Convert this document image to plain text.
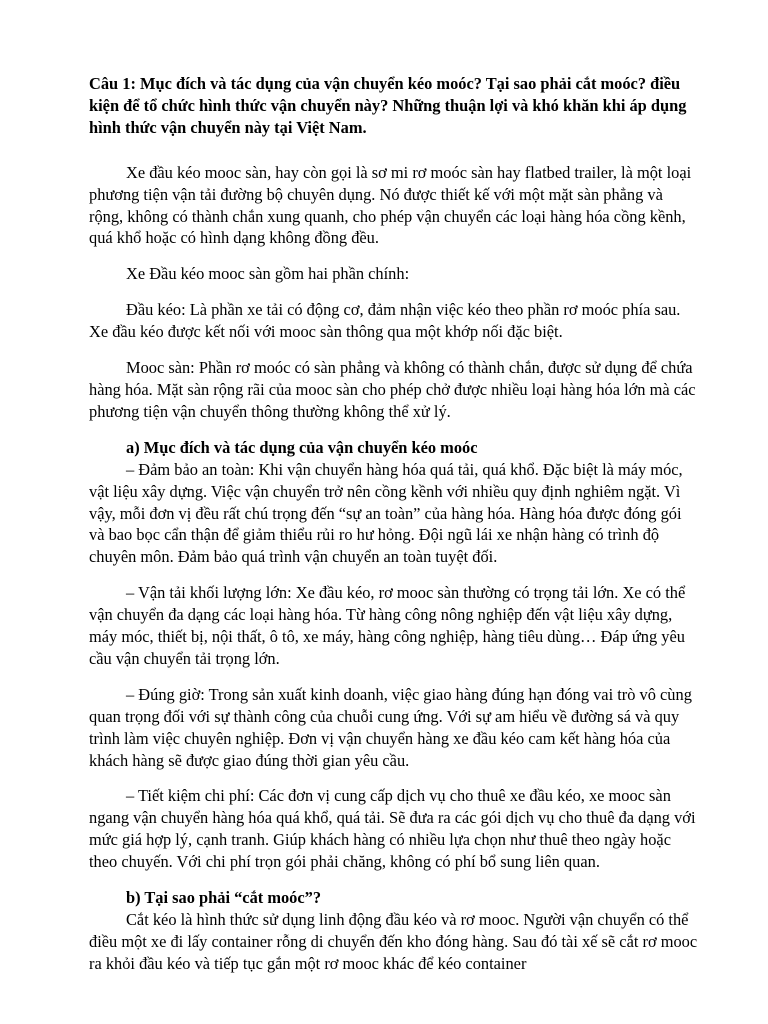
Câu 1: Mục đích và tác dụng của vận chuyển kéo moóc? Tại sao phải cắt moóc? điều kiện để tổ chức hình thức vận chuyển này? Những thuận lợi và khó khăn khi áp dụng hình thức vận chuyển này tại Việt Nam.

Xe đầu kéo mooc sàn, hay còn gọi là sơ mi rơ moóc sàn hay flatbed trailer, là một loại phương tiện vận tải đường bộ chuyên dụng. Nó được thiết kế với một mặt sàn phẳng và rộng, không có thành chắn xung quanh, cho phép vận chuyển các loại hàng hóa cồng kềnh, quá khổ hoặc có hình dạng không đồng đều.

Xe Đầu kéo mooc sàn gồm hai phần chính:

Đầu kéo: Là phần xe tải có động cơ, đảm nhận việc kéo theo phần rơ moóc phía sau. Xe đầu kéo được kết nối với mooc sàn thông qua một khớp nối đặc biệt.

Mooc sàn: Phần rơ moóc có sàn phẳng và không có thành chắn, được sử dụng để chứa hàng hóa. Mặt sàn rộng rãi của mooc sàn cho phép chở được nhiều loại hàng hóa lớn mà các phương tiện vận chuyển thông thường không thể xử lý.

a) Mục đích và tác dụng của vận chuyển kéo moóc

– Đảm bảo an toàn: Khi vận chuyển hàng hóa quá tải, quá khổ. Đặc biệt là máy móc, vật liệu xây dựng. Việc vận chuyển trở nên cồng kềnh với nhiều quy định nghiêm ngặt. Vì vậy, mỗi đơn vị đều rất chú trọng đến “sự an toàn” của hàng hóa. Hàng hóa được đóng gói và bao bọc cẩn thận để giảm thiểu rủi ro hư hỏng. Đội ngũ lái xe nhận hàng có trình độ chuyên môn. Đảm bảo quá trình vận chuyển an toàn tuyệt đối.

– Vận tải khối lượng lớn: Xe đầu kéo, rơ mooc sàn thường có trọng tải lớn. Xe có thể vận chuyển đa dạng các loại hàng hóa. Từ hàng công nông nghiệp đến vật liệu xây dựng, máy móc, thiết bị, nội thất, ô tô, xe máy, hàng công nghiệp, hàng tiêu dùng… Đáp ứng yêu cầu vận chuyển tải trọng lớn.

– Đúng giờ: Trong sản xuất kinh doanh, việc giao hàng đúng hạn đóng vai trò vô cùng quan trọng đối với sự thành công của chuỗi cung ứng. Với sự am hiểu về đường sá và quy trình làm việc chuyên nghiệp. Đơn vị vận chuyển hàng xe đầu kéo cam kết hàng hóa của khách hàng sẽ được giao đúng thời gian yêu cầu.

– Tiết kiệm chi phí: Các đơn vị cung cấp dịch vụ cho thuê xe đầu kéo, xe mooc sàn ngang vận chuyển hàng hóa quá khổ, quá tải. Sẽ đưa ra các gói dịch vụ cho thuê đa dạng với mức giá hợp lý, cạnh tranh. Giúp khách hàng có nhiều lựa chọn như thuê theo ngày hoặc theo chuyến. Với chi phí trọn gói phải chăng, không có phí bổ sung liên quan.

b) Tại sao phải “cắt moóc”?

Cắt kéo là hình thức sử dụng linh động đầu kéo và rơ mooc. Người vận chuyển có thể điều một xe đi lấy container rỗng di chuyển đến kho đóng hàng. Sau đó tài xế sẽ cắt rơ mooc ra khỏi đầu kéo và tiếp tục gắn một rơ mooc khác để kéo container
